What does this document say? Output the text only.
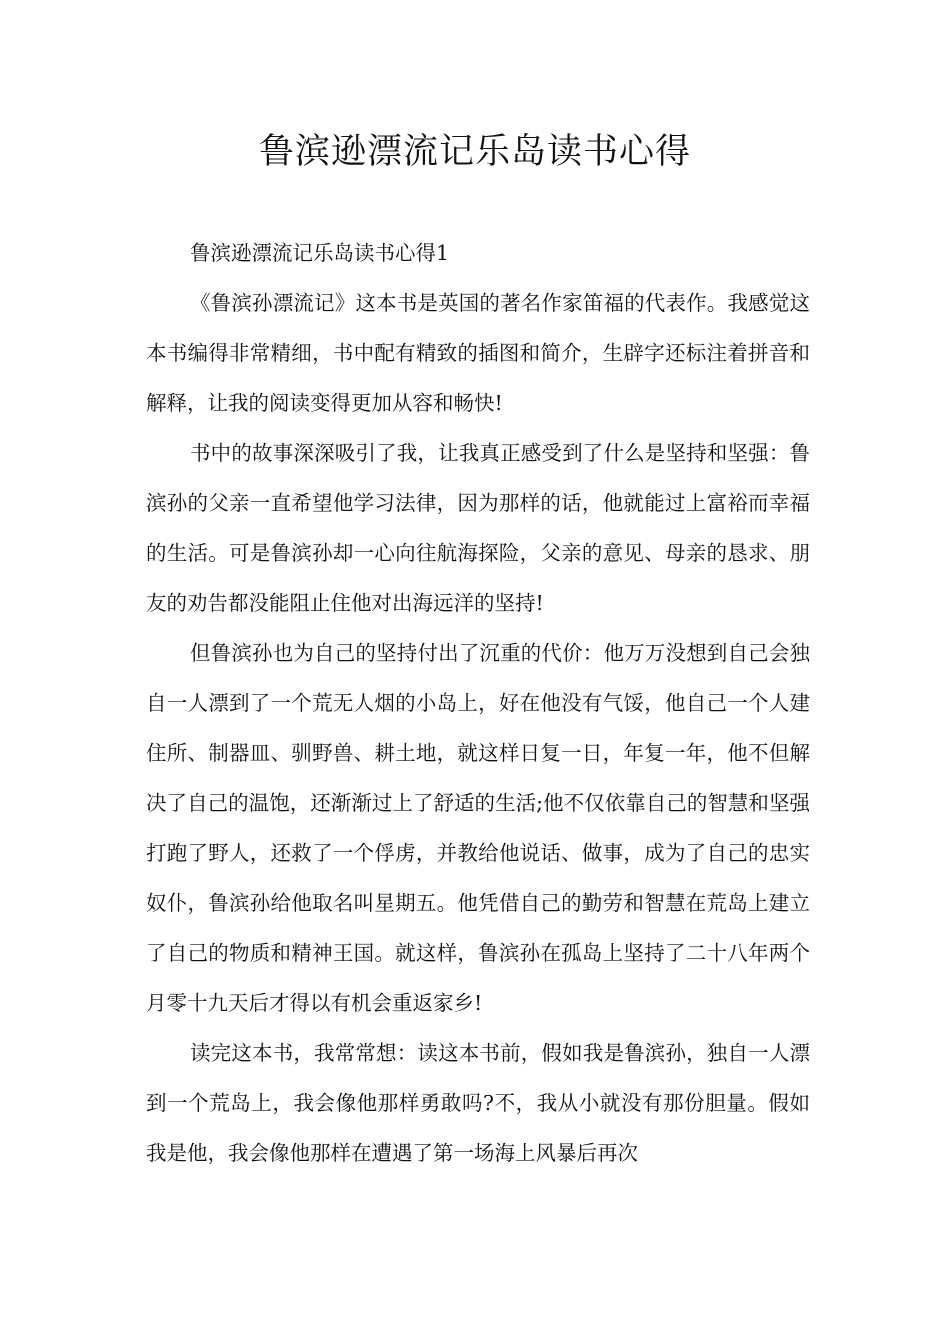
鲁滨逊漂流记乐岛读书心得

鲁滨逊漂流记乐岛读书心得1

《鲁滨孙漂流记》这本书是英国的著名作家笛福的代表作。我感觉这本书编得非常精细，书中配有精致的插图和简介，生辟字还标注着拼音和解释，让我的阅读变得更加从容和畅快!

书中的故事深深吸引了我，让我真正感受到了什么是坚持和坚强：鲁滨孙的父亲一直希望他学习法律，因为那样的话，他就能过上富裕而幸福的生活。可是鲁滨孙却一心向往航海探险，父亲的意见、母亲的恳求、朋友的劝告都没能阻止住他对出海远洋的坚持!

但鲁滨孙也为自己的坚持付出了沉重的代价：他万万没想到自己会独自一人漂到了一个荒无人烟的小岛上，好在他没有气馁，他自己一个人建住所、制器皿、驯野兽、耕土地，就这样日复一日，年复一年，他不但解决了自己的温饱，还渐渐过上了舒适的生活;他不仅依靠自己的智慧和坚强打跑了野人，还救了一个俘虏，并教给他说话、做事，成为了自己的忠实奴仆，鲁滨孙给他取名叫星期五。他凭借自己的勤劳和智慧在荒岛上建立了自己的物质和精神王国。就这样，鲁滨孙在孤岛上坚持了二十八年两个月零十九天后才得以有机会重返家乡!

读完这本书，我常常想：读这本书前，假如我是鲁滨孙，独自一人漂到一个荒岛上，我会像他那样勇敢吗?不，我从小就没有那份胆量。假如我是他，我会像他那样在遭遇了第一场海上风暴后再次
